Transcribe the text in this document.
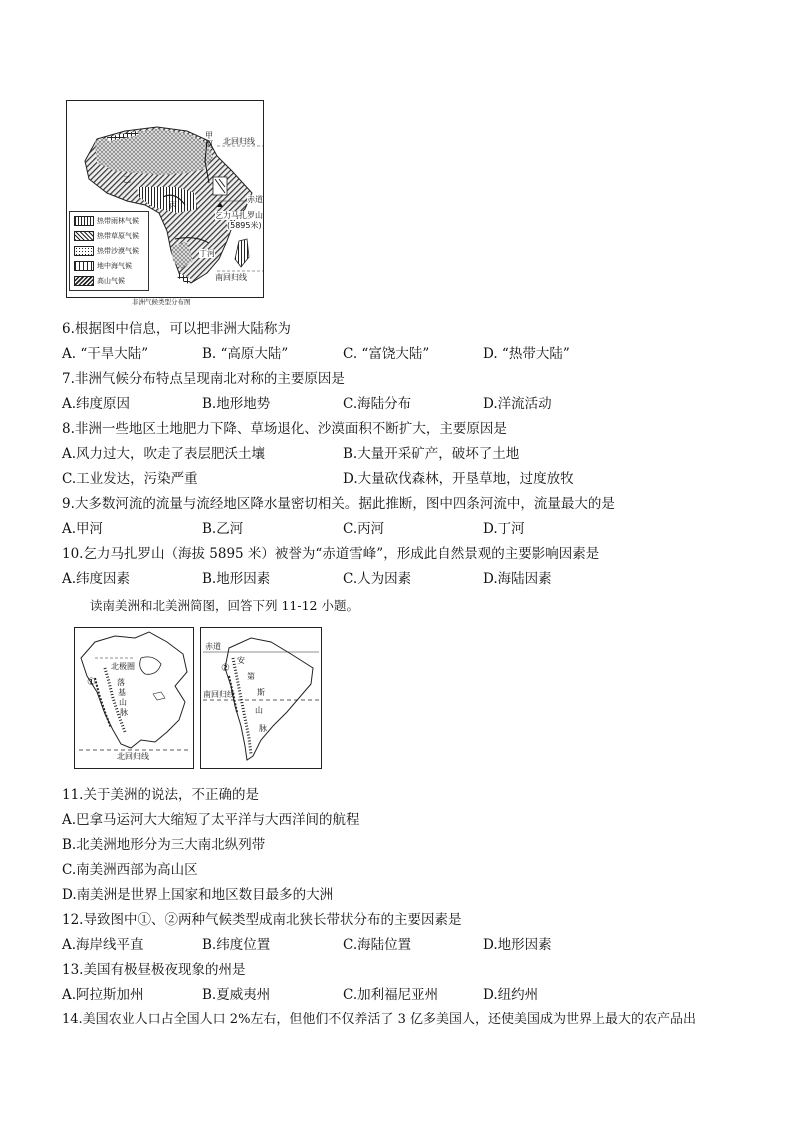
北回归线
甲河
乙
丙
赤道
乞力马扎罗山
(5895米)
丁河
南回归线
热带雨林气候
热带草原气候
热带沙漠气候
地中海气候
高山气候
非洲气候类型分布图
6.根据图中信息，可以把非洲大陆称为
A. “干旱大陆”	B. “高原大陆”	C. “富饶大陆”	D. “热带大陆”
7.非洲气候分布特点呈现南北对称的主要原因是
A.纬度原因	B.地形地势	C.海陆分布	D.洋流活动
8.非洲一些地区土地肥力下降、草场退化、沙漠面积不断扩大，主要原因是
A.风力过大，吹走了表层肥沃土壤	B.大量开采矿产，破坏了土地
C.工业发达，污染严重	D.大量砍伐森林，开垦草地，过度放牧
9.大多数河流的流量与流经地区降水量密切相关。据此推断，图中四条河流中，流量最大的是
A.甲河	B.乙河	C.丙河	D.丁河
10.乞力马扎罗山（海拔 5895 米）被誉为“赤道雪峰”，形成此自然景观的主要影响因素是
A.纬度因素	B.地形因素	C.人为因素	D.海陆因素
读南美洲和北美洲简图，回答下列 11-12 小题。
北极圈
①	落
基
山
脉
北回归线
赤道
②
安
第
斯
山
脉
南回归线
11.关于美洲的说法，不正确的是
A.巴拿马运河大大缩短了太平洋与大西洋间的航程
B.北美洲地形分为三大南北纵列带
C.南美洲西部为高山区
D.南美洲是世界上国家和地区数目最多的大洲
12.导致图中①、②两种气候类型成南北狭长带状分布的主要因素是
A.海岸线平直	B.纬度位置	C.海陆位置	D.地形因素
13.美国有极昼极夜现象的州是
A.阿拉斯加州	B.夏威夷州	C.加利福尼亚州	D.纽约州
14.美国农业人口占全国人口 2%左右，但他们不仅养活了 3 亿多美国人，还使美国成为世界上最大的农产品出
